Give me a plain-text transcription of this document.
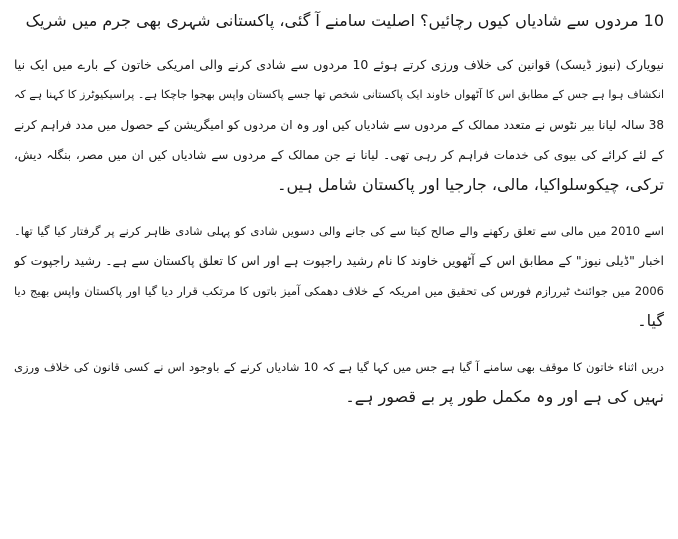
10 مردوں سے شادیاں کیوں رچائیں؟ اصلیت سامنے آ گئی، پاکستانی شہری بھی جرم میں شریک
نیویارک (نیوز ڈیسک) قوانین کی خلاف ورزی کرتے ہوئے 10 مردوں سے شادی کرنے والی امریکی خاتون کے بارے میں ایک نیا
انکشاف ہوا ہے جس کے مطابق اس کا آٹھواں خاوند ایک پاکستانی شخص تھا جسے پاکستان واپس بھجوا جاچکا ہے۔ پراسیکیوٹرز کا کہنا ہے کہ
38 سالہ لیانا بیر نٹوس نے متعدد ممالک کے مردوں سے شادیاں کیں اور وہ ان مردوں کو امیگریشن کے حصول میں مدد فراہم کرنے
کے لئے کرائے کی بیوی کی خدمات فراہم کر رہی تھی۔ لیانا نے جن ممالک کے مردوں سے شادیاں کیں ان میں مصر، بنگلہ دیش،
ترکی، چیکوسلواکیا، مالی، جارجیا اور پاکستان شامل ہیں۔
اسے 2010 میں مالی سے تعلق رکھنے والے صالح کیتا سے کی جانے والی دسویں شادی کو پہلی شادی ظاہر کرنے پر گرفتار کیا گیا تھا۔
اخبار "ڈیلی نیوز" کے مطابق اس کے آٹھویں خاوند کا نام رشید راجپوت ہے اور اس کا تعلق پاکستان سے ہے۔ رشید راجپوت کو
2006 میں جوائنٹ ٹیررازم فورس کی تحقیق میں امریکہ کے خلاف دھمکی آمیز باتوں کا مرتکب قرار دیا گیا اور پاکستان واپس بھیج دیا
گیا۔
دریں اثناء خاتون کا موقف بھی سامنے آ گیا ہے جس میں کہا گیا ہے کہ 10 شادیاں کرنے کے باوجود اس نے کسی قانون کی خلاف ورزی
نہیں کی ہے اور وہ مکمل طور پر بے قصور ہے۔
